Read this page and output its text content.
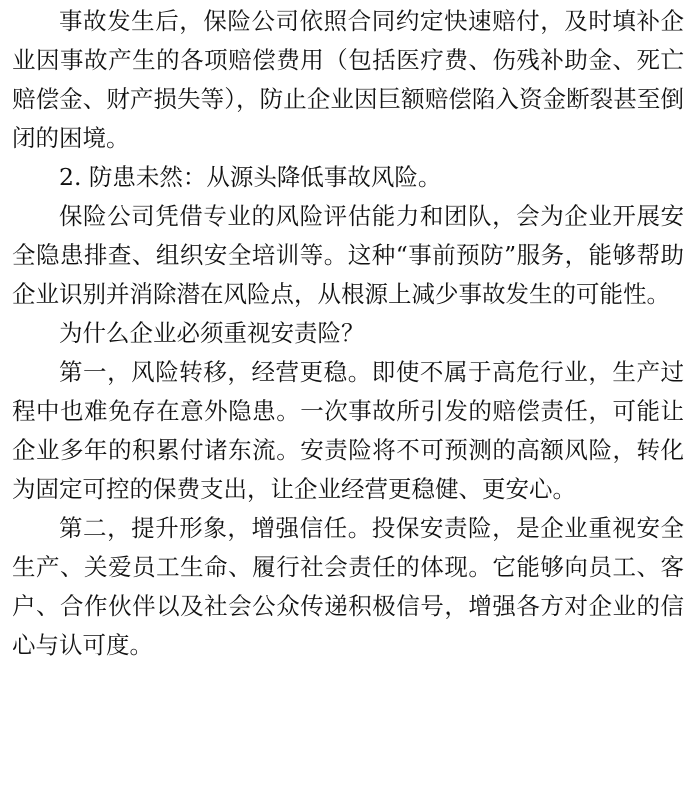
事故发生后，保险公司依照合同约定快速赔付，及时填补企业因事故产生的各项赔偿费用（包括医疗费、伤残补助金、死亡赔偿金、财产损失等），防止企业因巨额赔偿陷入资金断裂甚至倒闭的困境。

2. 防患未然：从源头降低事故风险。

保险公司凭借专业的风险评估能力和团队，会为企业开展安全隐患排查、组织安全培训等。这种“事前预防”服务，能够帮助企业识别并消除潜在风险点，从根源上减少事故发生的可能性。

为什么企业必须重视安责险？

第一，风险转移，经营更稳。即使不属于高危行业，生产过程中也难免存在意外隐患。一次事故所引发的赔偿责任，可能让企业多年的积累付诸东流。安责险将不可预测的高额风险，转化为固定可控的保费支出，让企业经营更稳健、更安心。

第二，提升形象，增强信任。投保安责险，是企业重视安全生产、关爱员工生命、履行社会责任的体现。它能够向员工、客户、合作伙伴以及社会公众传递积极信号，增强各方对企业的信心与认可度。
